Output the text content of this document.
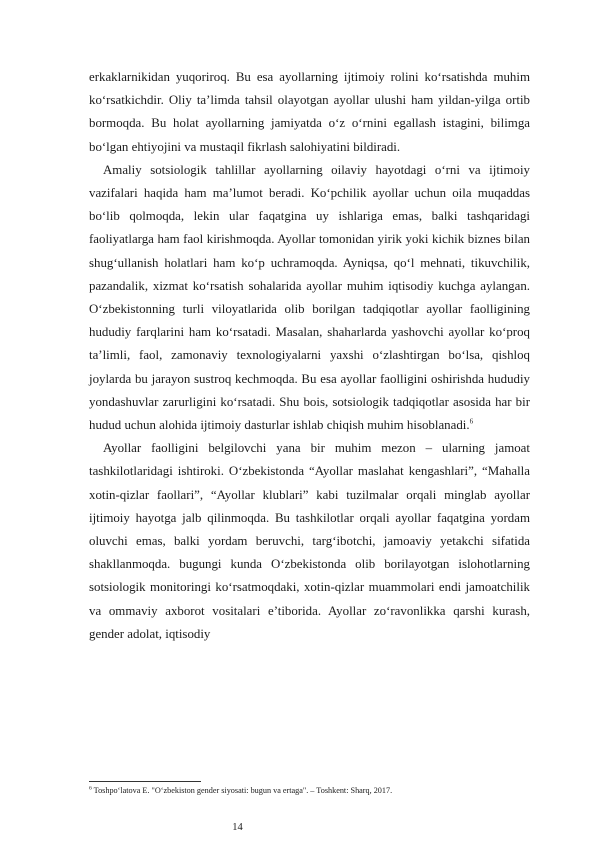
erkaklarnikidan yuqoriroq. Bu esa ayollarning ijtimoiy rolini ko‘rsatishda muhim ko‘rsatkichdir. Oliy ta’limda tahsil olayotgan ayollar ulushi ham yildan-yilga ortib bormoqda. Bu holat ayollarning jamiyatda o‘z o‘rnini egallash istagini, bilimga bo‘lgan ehtiyojini va mustaqil fikrlash salohiyatini bildiradi.

Amaliy sotsiologik tahlillar ayollarning oilaviy hayotdagi o‘rni va ijtimoiy vazifalari haqida ham ma’lumot beradi. Ko‘pchilik ayollar uchun oila muqaddas bo‘lib qolmoqda, lekin ular faqatgina uy ishlariga emas, balki tashqaridagi faoliyatlarga ham faol kirishmoqda. Ayollar tomonidan yirik yoki kichik biznes bilan shug‘ullanish holatlari ham ko‘p uchramoqda. Ayniqsa, qo‘l mehnati, tikuvchilik, pazandalik, xizmat ko‘rsatish sohalarida ayollar muhim iqtisodiy kuchga aylangan. O‘zbekistonning turli viloyatlarida olib borilgan tadqiqotlar ayollar faolligining hududiy farqlarini ham ko‘rsatadi. Masalan, shaharlarda yashovchi ayollar ko‘proq ta’limli, faol, zamonaviy texnologiyalarni yaxshi o‘zlashtirgan bo‘lsa, qishloq joylarda bu jarayon sustroq kechmoqda. Bu esa ayollar faolligini oshirishda hududiy yondashuvlar zarurligini ko‘rsatadi. Shu bois, sotsiologik tadqiqotlar asosida har bir hudud uchun alohida ijtimoiy dasturlar ishlab chiqish muhim hisoblanadi.$^6$

Ayollar faolligini belgilovchi yana bir muhim mezon – ularning jamoat tashkilotlaridagi ishtiroki. O‘zbekistonda “Ayollar maslahat kengashlari”, “Mahalla xotin-qizlar faollari”, “Ayollar klublari” kabi tuzilmalar orqali minglab ayollar ijtimoiy hayotga jalb qilinmoqda. Bu tashkilotlar orqali ayollar faqatgina yordam oluvchi emas, balki yordam beruvchi, targ‘ibotchi, jamoaviy yetakchi sifatida shakllanmoqda. bugungi kunda O‘zbekistonda olib borilayotgan islohotlarning sotsiologik monitoringi ko‘rsatmoqdaki, xotin-qizlar muammolari endi jamoatchilik va ommaviy axborot vositalari e’tiborida. Ayollar zo‘ravonlikka qarshi kurash, gender adolat, iqtisodiy

$^6$ Toshpo‘latova E. "O‘zbekiston gender siyosati: bugun va ertaga". – Toshkent: Sharq, 2017.
14
